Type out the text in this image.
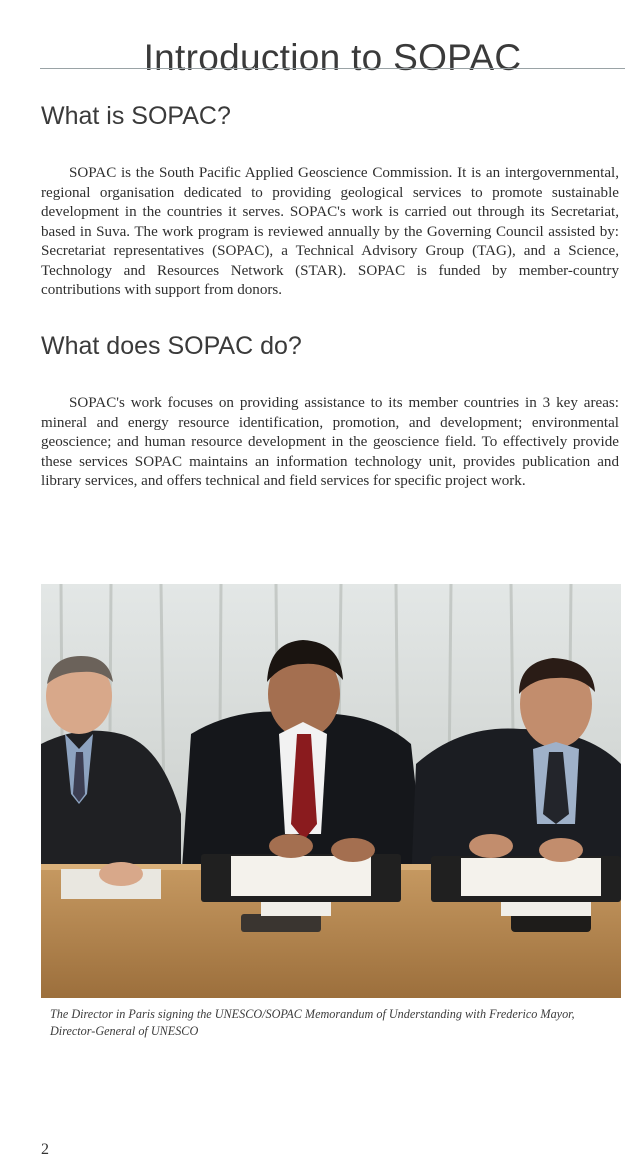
Introduction to SOPAC
What is SOPAC?

SOPAC is the South Pacific Applied Geoscience Commission. It is an intergovernmental, regional organisation dedicated to providing geological services to promote sustainable development in the countries it serves. SOPAC's work is carried out through its Secretariat, based in Suva. The work program is reviewed annually by the Governing Council assisted by: Secretariat representatives (SOPAC), a Technical Advisory Group (TAG), and a Science, Technology and Resources Network (STAR). SOPAC is funded by member-country contributions with support from donors.

What does SOPAC do?

SOPAC's work focuses on providing assistance to its member countries in 3 key areas: mineral and energy resource identification, promotion, and development; environmental geoscience; and human resource development in the geoscience field. To effectively provide these services SOPAC maintains an information technology unit, provides publication and library services, and offers technical and field services for specific project work.

The Director in Paris signing the UNESCO/SOPAC Memorandum of Understanding with Frederico Mayor, Director-General of UNESCO

2
